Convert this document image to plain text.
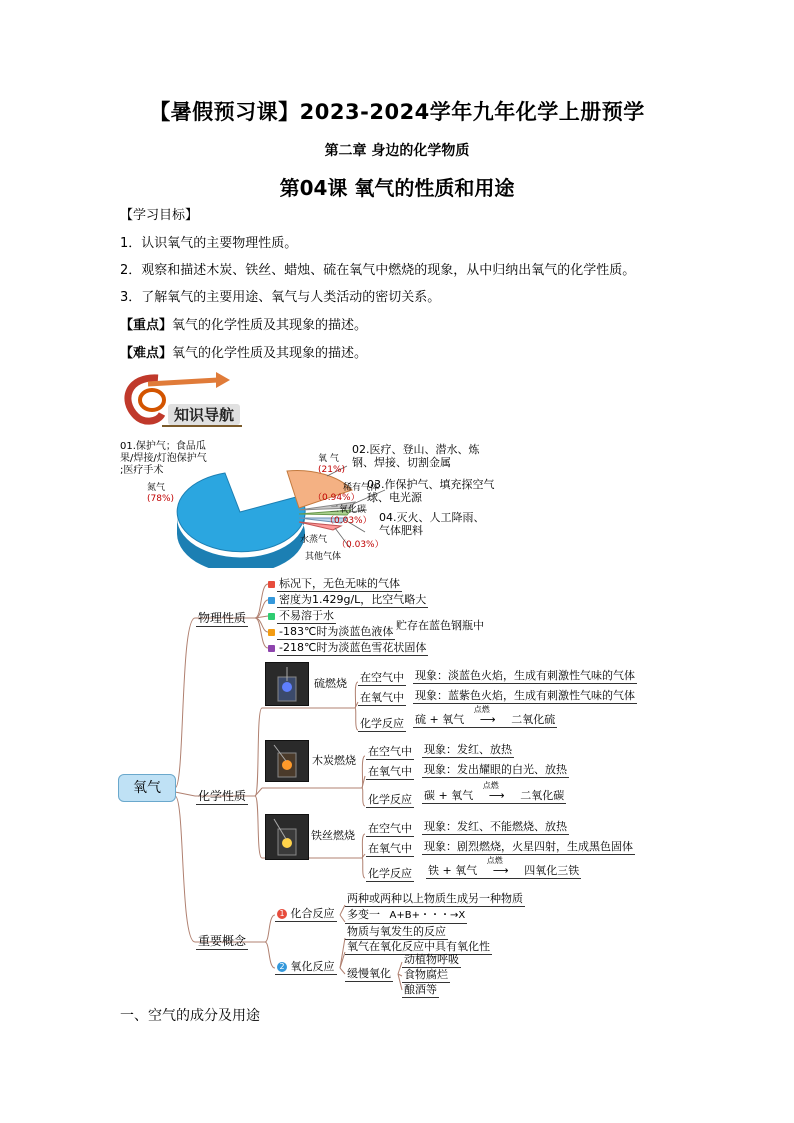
【暑假预习课】2023-2024学年九年化学上册预学
第二章 身边的化学物质
第04课 氧气的性质和用途
【学习目标】
1．认识氧气的主要物理性质。
2．观察和描述木炭、铁丝、蜡烛、硫在氧气中燃烧的现象，从中归纳出氧气的化学性质。
3．了解氧气的主要用途、氧气与人类活动的密切关系。
【重点】氧气的化学性质及其现象的描述。
【难点】氧气的化学性质及其现象的描述。
知识导航
01.保护气；食品瓜
果/焊接/灯泡保护气
;医疗手术
氮气
(78%)
氧 气
(21%)
稀有气体
（0.94%）
二氧化碳
（0.03%）
水蒸气 （0.03%）
其他气体
02.医疗、登山、潜水、炼
钢、焊接、切割金属
03.作保护气、填充探空气
球、电光源
04.灭火、人工降雨、
气体肥料
氧气
物理性质
标况下，无色无味的气体
密度为1.429g/L，比空气略大
不易溶于水
-183℃时为淡蓝色液体
-218℃时为淡蓝色雪花状固体
贮存在蓝色钢瓶中
化学性质
硫燃烧 在空气中 现象：淡蓝色火焰，生成有刺激性气味的气体
在氧气中 现象：蓝紫色火焰，生成有刺激性气味的气体
化学反应 硫 + 氧气
点燃
⟶ 二氧化硫
木炭燃烧
在空气中 现象：发红、放热
在氧气中 现象：发出耀眼的白光、放热
化学反应 碳 + 氧气
点燃
⟶ 二氧化碳
铁丝燃烧
在空气中 现象：发红、不能燃烧、放热
在氧气中 现象：剧烈燃烧，火星四射，生成黑色固体
化学反应 铁 + 氧气
点燃
⟶ 四氧化三铁
重要概念
1 化合反应
两种或两种以上物质生成另一种物质
多变一 A+B+・・・→X
2 氧化反应
物质与氧发生的反应
氧气在氧化反应中具有氧化性
缓慢氧化
动植物呼吸
食物腐烂
酿酒等
一、空气的成分及用途
